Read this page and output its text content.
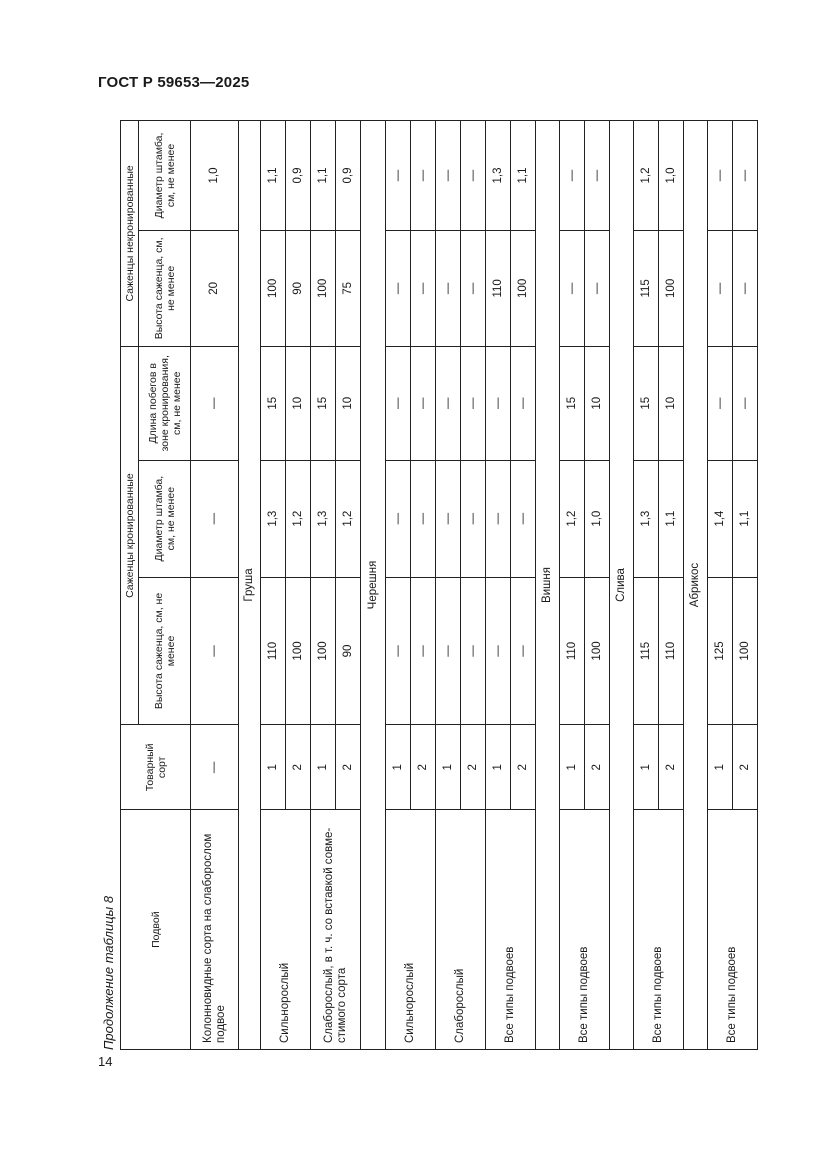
ГОСТ Р 59653—2025
Продолжение таблицы 8	Подвой	Товарный сорт	Саженцы кронированные			Саженцы некронированные	
		Высота саженца, см, не менее	Диаметр штамба, см, не менее	Длина побегов в зоне кронирования, см, не менее	Высота саженца, см, не менее	Диаметр штамба, см, не менее
Колонновидные сорта на слаборослом подвое	—	—	—	—	20	1,0
Груша						
Сильнорослый	1	110	1,3	15	100	1,1
	2	100	1,2	10	90	0,9
Слаборослый, в т. ч. со вставкой совме-стимого сорта	1	100	1,3	15	100	1,1
	2	90	1,2	10	75	0,9
Черешня						
Сильнорослый	1	—	—	—	—	—
	2	—	—	—	—	—
Слаборослый	1	—	—	—	—	—
	2	—	—	—	—	—
Все типы подвоев	1	—	—	—	110	1,3
	2	—	—	—	100	1,1
Вишня						
Все типы подвоев	1	110	1,2	15	—	—
	2	100	1,0	10	—	—
Слива						
Все типы подвоев	1	115	1,3	15	115	1,2
	2	110	1,1	10	100	1,0
Абрикос						
Все типы подвоев	1	125	1,4	—	—	—
	2	100	1,1	—	—	—
14
